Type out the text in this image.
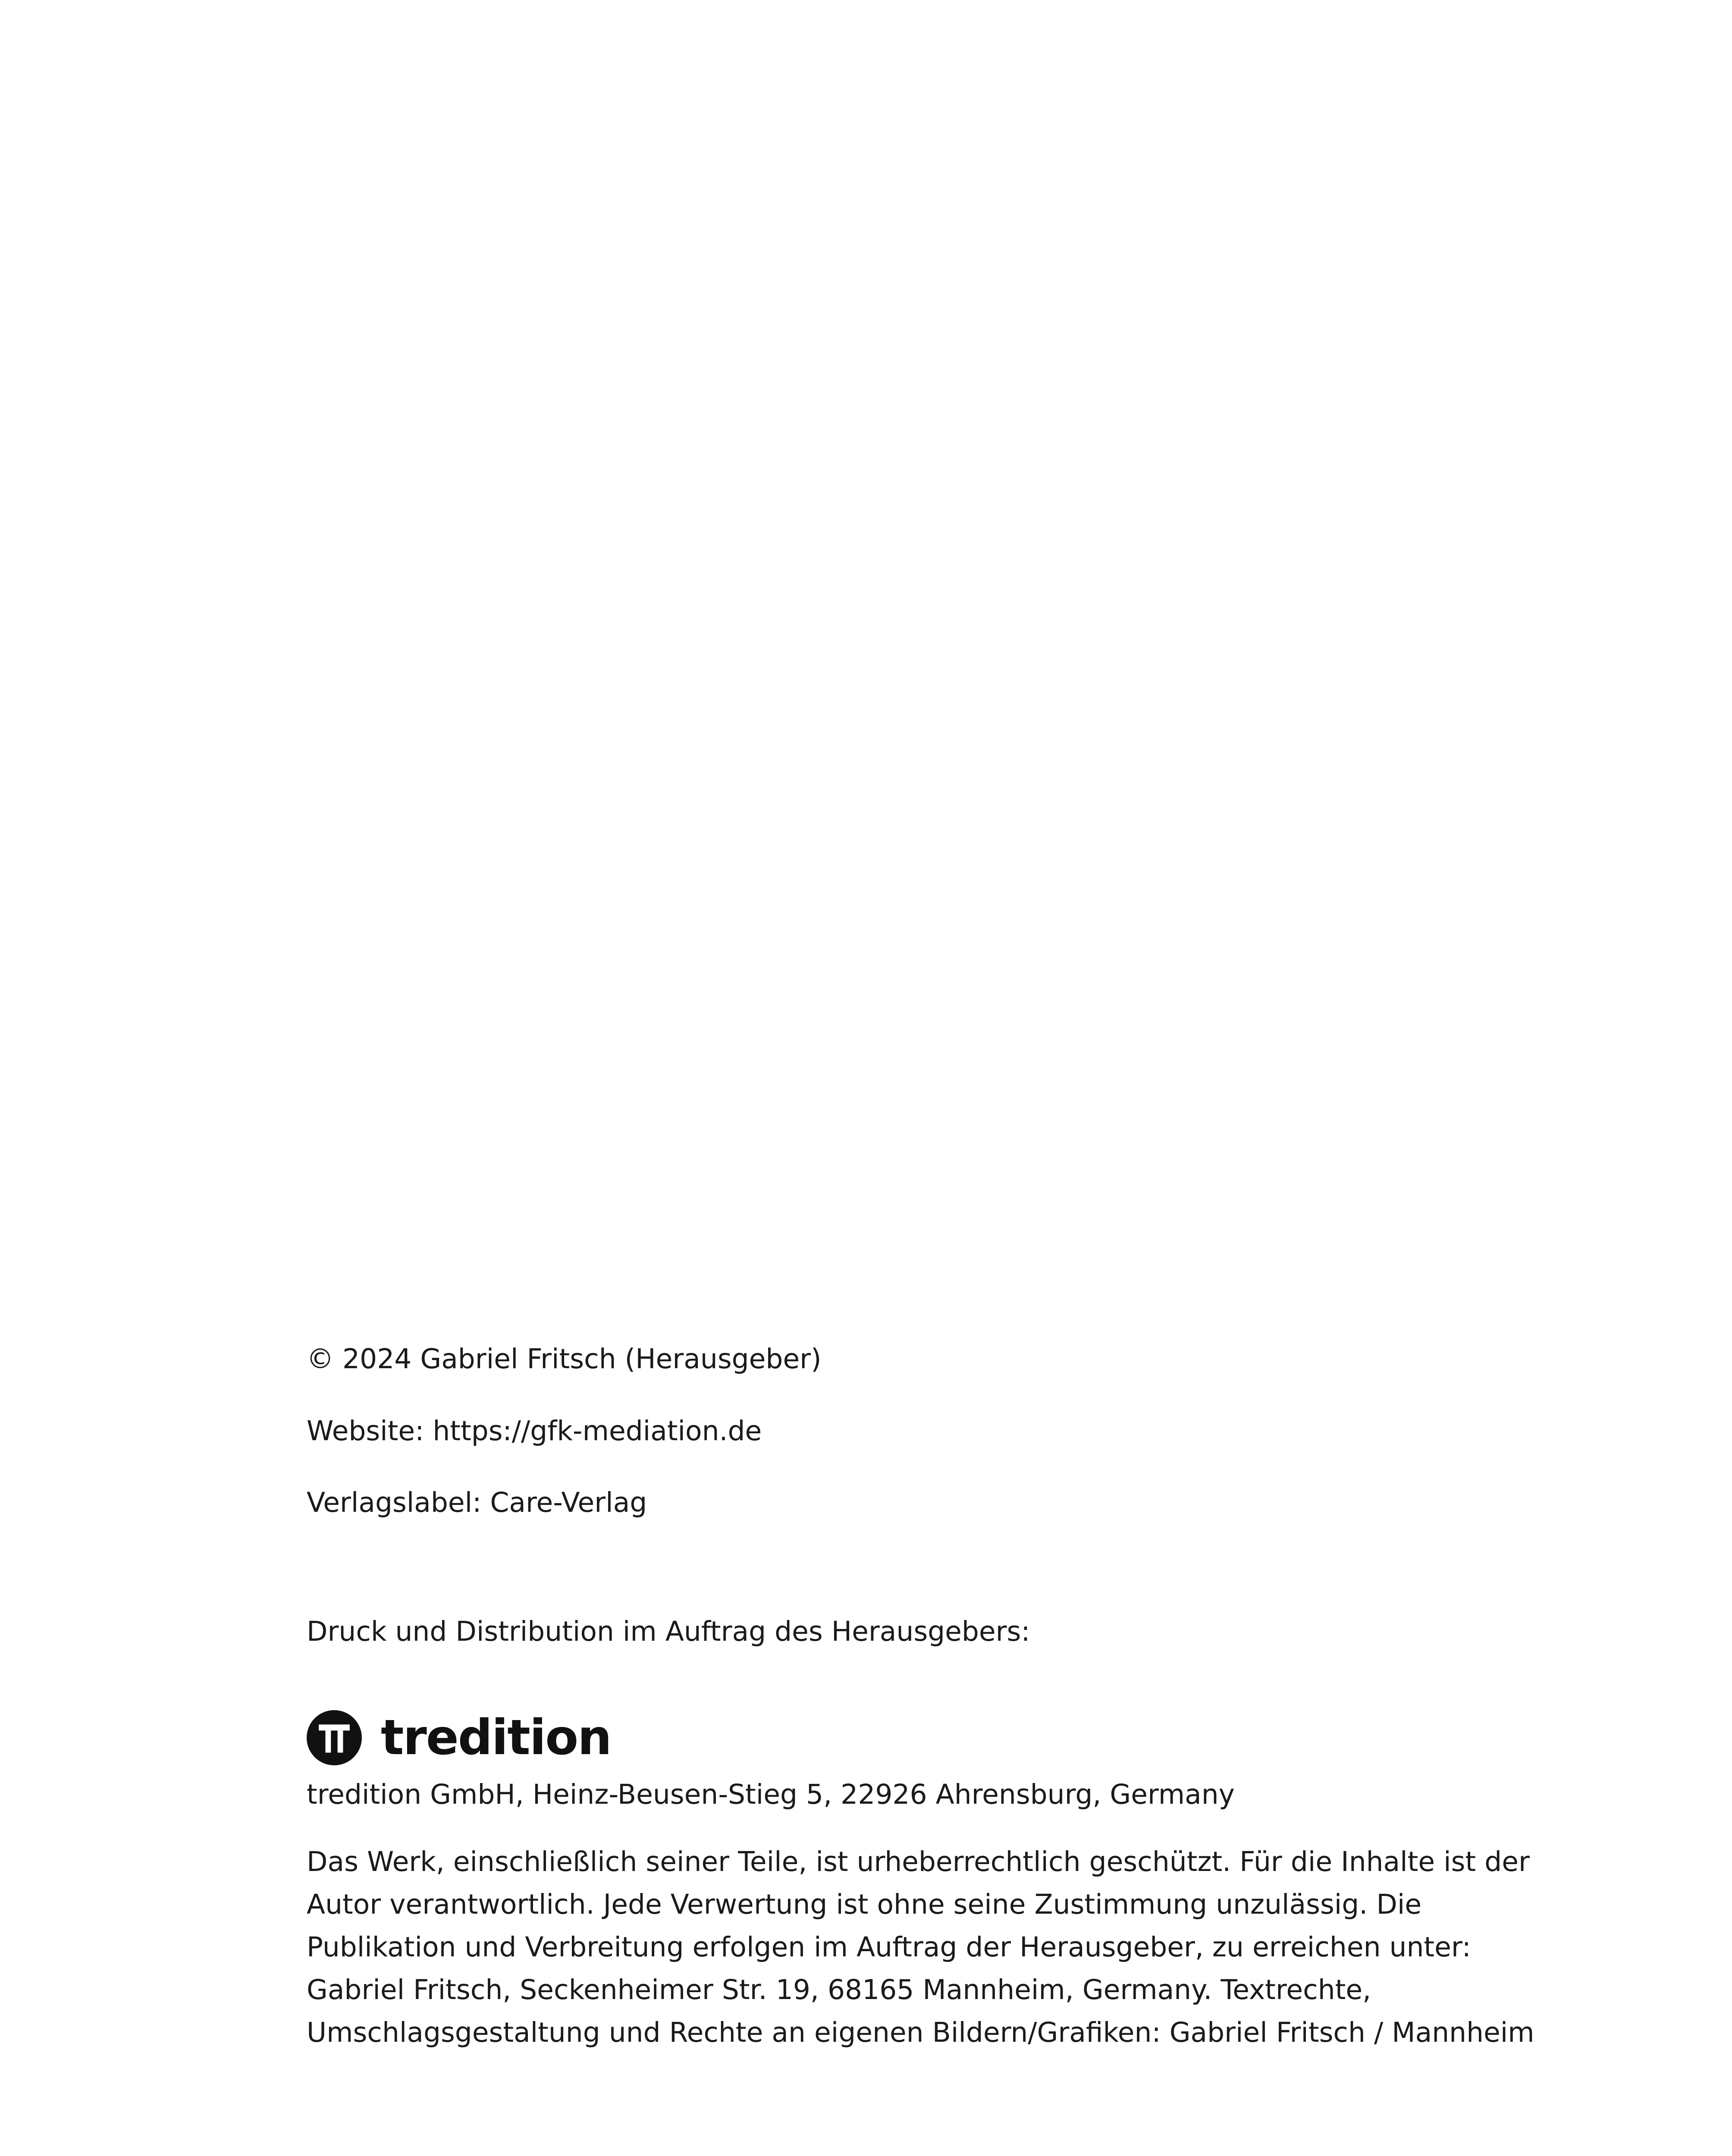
© 2024 Gabriel Fritsch (Herausgeber)
Website: https://gfk-mediation.de
Verlagslabel: Care-Verlag
Druck und Distribution im Auftrag des Herausgebers:
tredition
tredition GmbH, Heinz-Beusen-Stieg 5, 22926 Ahrensburg, Germany
Das Werk, einschließlich seiner Teile, ist urheberrechtlich geschützt. Für die Inhalte ist der Autor verantwortlich. Jede Verwertung ist ohne seine Zustimmung unzulässig. Die Publikation und Verbreitung erfolgen im Auftrag der Herausgeber, zu erreichen unter: Gabriel Fritsch, Seckenheimer Str. 19, 68165 Mannheim, Germany. Textrechte, Umschlagsgestaltung und Rechte an eigenen Bildern/Grafiken: Gabriel Fritsch / Mannheim
